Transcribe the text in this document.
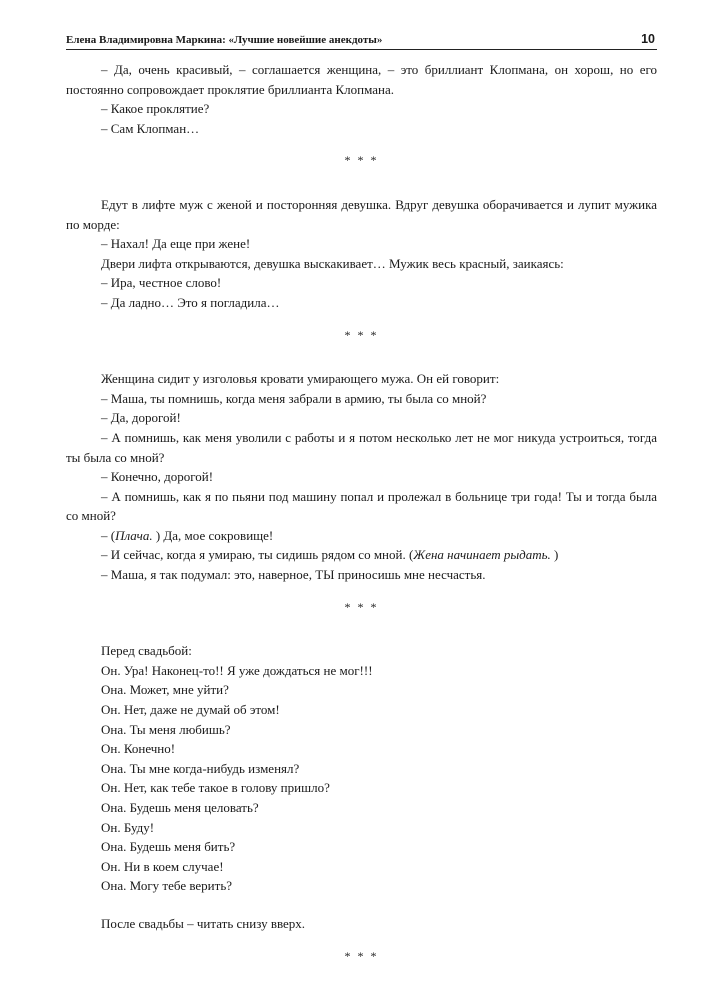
Елена Владимировна Маркина: «Лучшие новейшие анекдоты»	10

– Да, очень красивый, – соглашается женщина, – это бриллиант Клопмана, он хорош, но его постоянно сопровождает проклятие бриллианта Клопмана.

– Какое проклятие?

– Сам Клопман…

* * *

Едут в лифте муж с женой и посторонняя девушка. Вдруг девушка оборачивается и лупит мужика по морде:

– Нахал! Да еще при жене!

Двери лифта открываются, девушка выскакивает… Мужик весь красный, заикаясь:

– Ира, честное слово!

– Да ладно… Это я погладила…

* * *

Женщина сидит у изголовья кровати умирающего мужа. Он ей говорит:

– Маша, ты помнишь, когда меня забрали в армию, ты была со мной?

– Да, дорогой!

– А помнишь, как меня уволили с работы и я потом несколько лет не мог никуда устроиться, тогда ты была со мной?

– Конечно, дорогой!

– А помнишь, как я по пьяни под машину попал и пролежал в больнице три года! Ты и тогда была со мной?

– (Плача. ) Да, мое сокровище!

– И сейчас, когда я умираю, ты сидишь рядом со мной. (Жена начинает рыдать. )

– Маша, я так подумал: это, наверное, ТЫ приносишь мне несчастья.

* * *

Перед свадьбой:

Он. Ура! Наконец-то!! Я уже дождаться не мог!!!

Она. Может, мне уйти?

Он. Нет, даже не думай об этом!

Она. Ты меня любишь?

Он. Конечно!

Она. Ты мне когда-нибудь изменял?

Он. Нет, как тебе такое в голову пришло?

Она. Будешь меня целовать?

Он. Буду!

Она. Будешь меня бить?

Он. Ни в коем случае!

Она. Могу тебе верить?

После свадьбы – читать снизу вверх.

* * *
